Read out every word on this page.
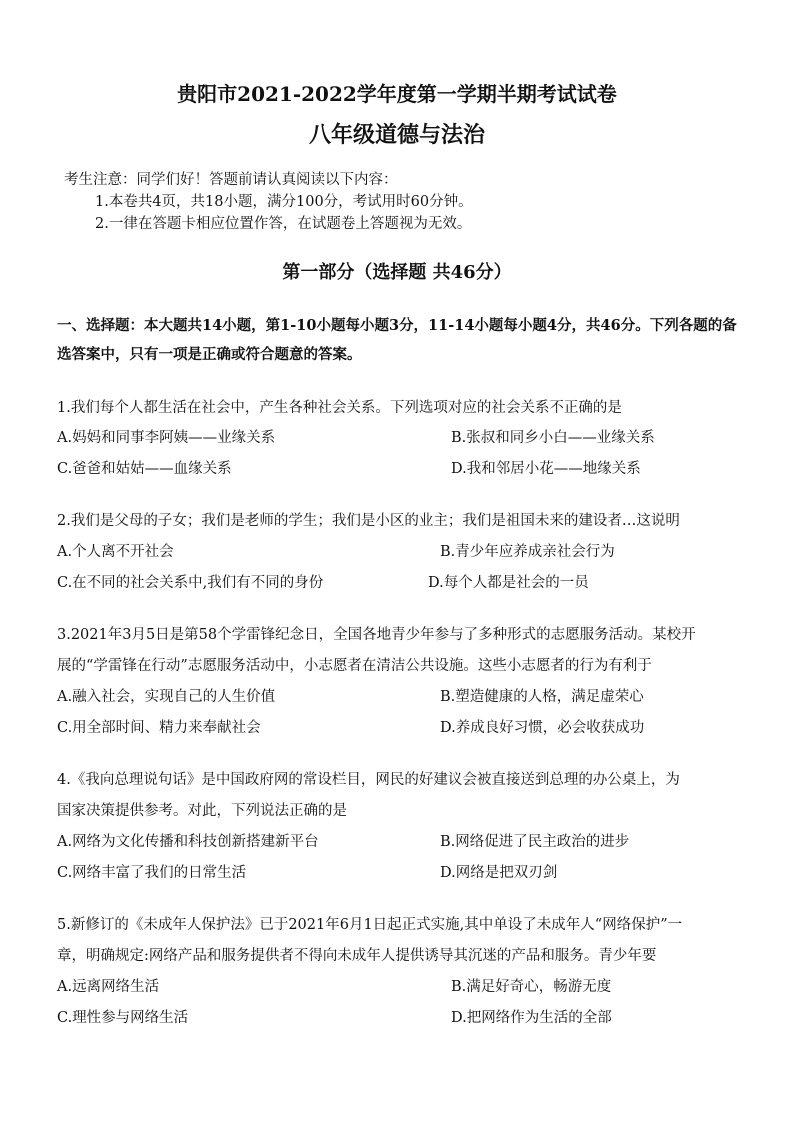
贵阳市2021-2022学年度第一学期半期考试试卷
八年级道德与法治
考生注意：同学们好！答题前请认真阅读以下内容：
1.本卷共4页，共18小题，满分100分，考试用时60分钟。
2.一律在答题卡相应位置作答，在试题卷上答题视为无效。
第一部分（选择题 共46分）
一、选择题：本大题共14小题，第1-10小题每小题3分，11-14小题每小题4分，共46分。下列各题的备选答案中，只有一项是正确或符合题意的答案。
1.我们每个人都生活在社会中，产生各种社会关系。下列选项对应的社会关系不正确的是
A.妈妈和同事李阿姨——业缘关系	B.张叔和同乡小白——业缘关系
C.爸爸和姑姑——血缘关系	D.我和邻居小花——地缘关系
2.我们是父母的子女；我们是老师的学生；我们是小区的业主；我们是祖国未来的建设者…这说明
A.个人离不开社会	B.青少年应养成亲社会行为
C.在不同的社会关系中,我们有不同的身份	D.每个人都是社会的一员
3.2021年3月5日是第58个学雷锋纪念日，全国各地青少年参与了多种形式的志愿服务活动。某校开
展的“学雷锋在行动”志愿服务活动中，小志愿者在清洁公共设施。这些小志愿者的行为有利于
A.融入社会，实现自己的人生价值	B.塑造健康的人格，满足虚荣心
C.用全部时间、精力来奉献社会	D.养成良好习惯，必会收获成功
4.《我向总理说句话》是中国政府网的常设栏目，网民的好建议会被直接送到总理的办公桌上，为
国家决策提供参考。对此，下列说法正确的是
A.网络为文化传播和科技创新搭建新平台	B.网络促进了民主政治的进步
C.网络丰富了我们的日常生活	D.网络是把双刃剑
5.新修订的《未成年人保护法》已于2021年6月1日起正式实施,其中单设了未成年人“网络保护”一
章，明确规定:网络产品和服务提供者不得向未成年人提供诱导其沉迷的产品和服务。青少年要
A.远离网络生活	B.满足好奇心，畅游无度
C.理性参与网络生活	D.把网络作为生活的全部
